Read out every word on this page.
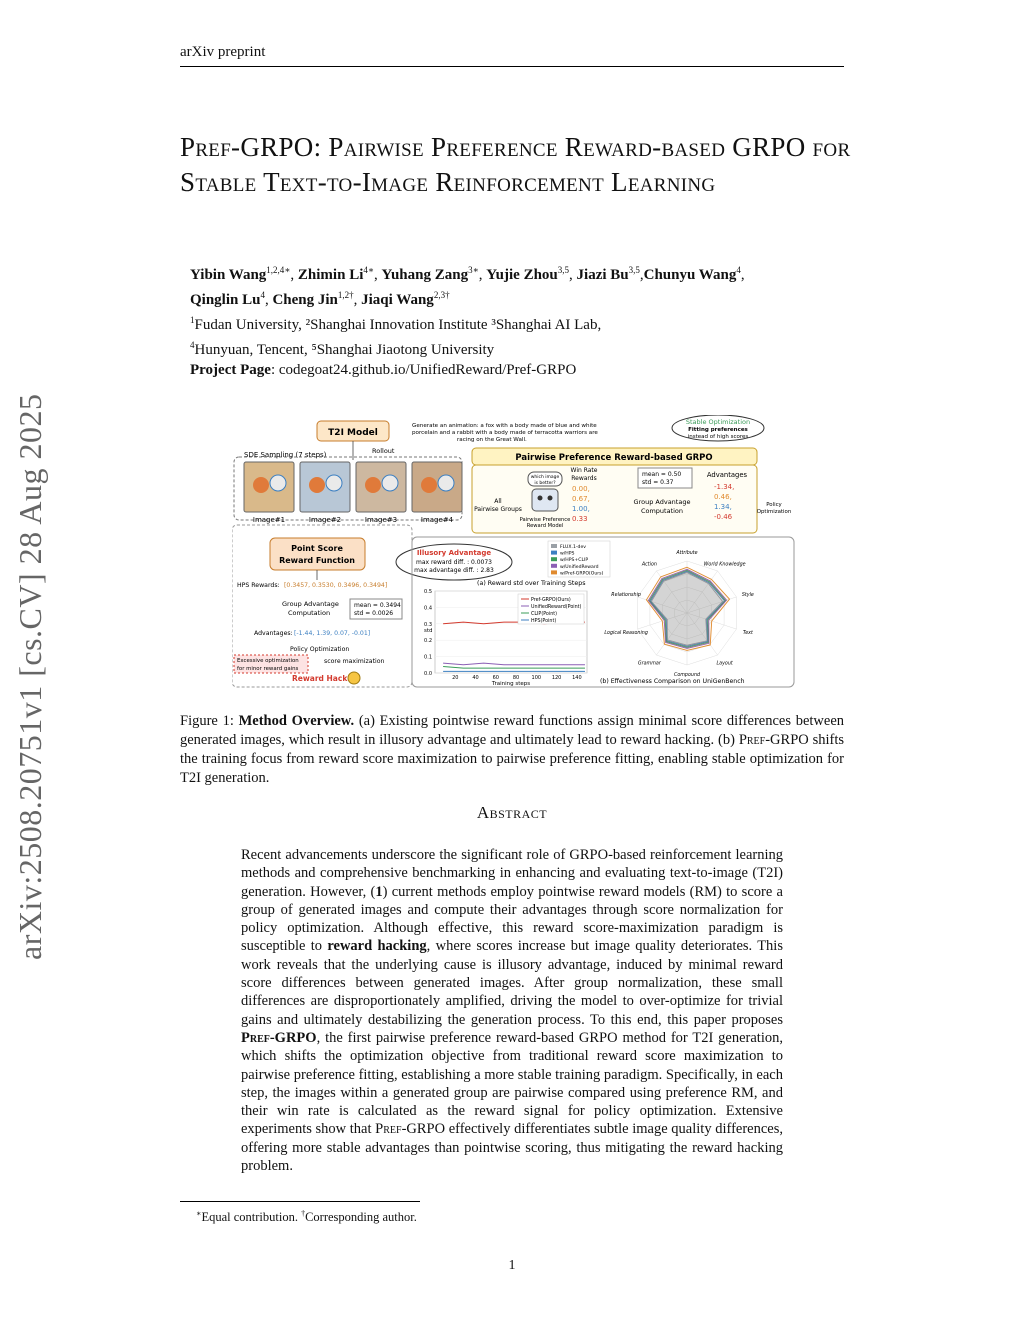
arXiv preprint
arXiv:2508.20751v1 [cs.CV] 28 Aug 2025
Pref-GRPO: Pairwise Preference Reward-based GRPO for Stable Text-to-Image Reinforcement Learning
Yibin Wang$^{1,2,4∗}$, Zhimin $Li^{4∗}$, Yuhang Zang$^{3∗}$, Yujie Zhou$^{3,5}$, Jiazi Bu$^{3,5}$,Chunyu Wang$^4$,
Qinglin Lu$^4$, Cheng Jin$^{1,2\dagger}$, Jiaqi Wang$^{2,3\dagger}$
$^1$Fudan University, ²Shanghai Innovation Institute ³Shanghai AI Lab,
$^4$Hunyuan, Tencent, ⁵Shanghai Jiaotong University
Project Page: codegoat24.github.io/UnifiedReward/Pref-GRPO
T2I Model
Generate an animation: a fox with a body made of blue and white
porcelain and a rabbit with a body made of terracotta warriors are
racing on the Great Wall.
Rollout
SDE Sampling (7 steps)
Image#1	Image#2	Image#3	Image#4
Point Score
Reward Function
Illusory Advantage
max reward diff. : 0.0073
max advantage diff. : 2.83
HPS Rewards: [0.3457, 0.3530, 0.3496, 0.3494]
Group Advantage
Computation
mean = 0.3494
std = 0.0026
Advantages: [-1.44, 1.39, 0.07, -0.01]
Policy Optimization
Excessive optimization
for minor reward gains
score maximization
Reward Hack
Stable Optimization
Fitting preferences
instead of high scores
Pairwise Preference Reward-based GRPO
All
Pairwise Groups
which image
is better?
Pairwise Preference
Reward Model
Win Rate
Rewards
0.00,
0.67,
1.00,
0.33
mean = 0.50
std = 0.37
Group Advantage
Computation
Advantages
-1.34,
0.46,
1.34,
-0.46
Policy
Optimization
0.0
0.1
0.2
0.3
0.4
0.5
20	40	60	80 100 120 140
std
Training steps
Pref-GRPO(Ours)
UnifiedReward(Point)
CLIP(Point)
HPS(Point)
Attribute
World Knowledge
Style
Text
Layout
Compound
Grammar
Logical Reasoning
Relationship
Action
FLUX.1-dev
w/HPS
w/HPS+CLIP
w/UnifiedReward
w/Pref-GRPO(Ours)
(a) Reward std over Training Steps
(b) Effectiveness Comparison on UniGenBench
Figure 1: Method Overview. (a) Existing pointwise reward functions assign minimal score differences between generated images, which result in illusory advantage and ultimately lead to reward hacking. (b) Pref-GRPO shifts the training focus from reward score maximization to pairwise preference fitting, enabling stable optimization for T2I generation.
Abstract
Recent advancements underscore the significant role of GRPO-based reinforcement learning methods and comprehensive benchmarking in enhancing and evaluating text-to-image (T2I) generation. However, (1) current methods employ pointwise reward models (RM) to score a group of generated images and compute their advantages through score normalization for policy optimization. Although effective, this reward score-maximization paradigm is susceptible to reward hacking, where scores increase but image quality deteriorates. This work reveals that the underlying cause is illusory advantage, induced by minimal reward score differences between generated images. After group normalization, these small differences are disproportionately amplified, driving the model to over-optimize for trivial gains and ultimately destabilizing the generation process. To this end, this paper proposes Pref-GRPO, the first pairwise preference reward-based GRPO method for T2I generation, which shifts the optimization objective from traditional reward score maximization to pairwise preference fitting, establishing a more stable training paradigm. Specifically, in each step, the images within a generated group are pairwise compared using preference RM, and their win rate is calculated as the reward signal for policy optimization. Extensive experiments show that Pref-GRPO effectively differentiates subtle image quality differences, offering more stable advantages than pointwise scoring, thus mitigating the reward hacking problem.
∗Equal contribution. †Corresponding author.
1
